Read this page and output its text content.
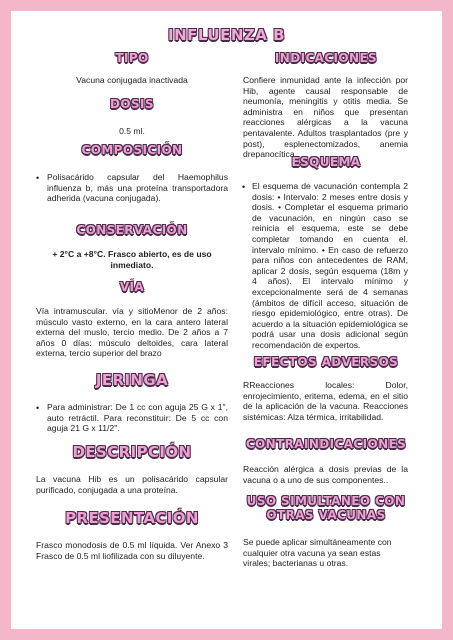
INFLUENZA B
TIPO
Vacuna conjugada inactivada
DOSIS
0.5 ml.
COMPOSICIÓN
• Polisacárido capsular del Haemophilus influenza b, más una proteína transportadora adherida (vacuna conjugada).
CONSERVACIÓN
+ 2°C a +8°C. Frasco abierto, es de uso inmediato.
VÍA
Vía intramuscular. vía y sitioMenor de 2 años: músculo vasto externo, en la cara antero lateral externa del muslo, tercio medio. De 2 años a 7 años 0 días: músculo deltoides, cara lateral externa, tercio superior del brazo
JERINGA
• Para administrar: De 1 cc con aguja 25 G x 1", auto retráctil. Para reconstituir: De 5 cc con aguja 21 G x 11/2".
DESCRIPCIÓN
La vacuna Hib es un polisacárido capsular purificado, conjugada a una proteína.
PRESENTACIÓN
Frasco monodosis de 0.5 ml líquida. Ver Anexo 3 Frasco de 0.5 ml liofilizada con su diluyente.
INDICACIONES
Confiere inmunidad ante la infección por Hib, agente causal responsable de neumonía, meningitis y otitis media. Se administra en niños que presentan reacciones alérgicas a la vacuna pentavalente. Adultos trasplantados (pre y post), esplenectomizados, anemia drepanocítica.
ESQUEMA
• El esquema de vacunación contempla 2 dosis: • Intervalo: 2 meses entre dosis y dosis. • Completar el esquema primario de vacunación, en ningún caso se reinicia el esquema, este se debe completar tomando en cuenta el. intervalo mínimo. • En caso de refuerzo para niños con antecedentes de RAM, aplicar 2 dosis, según esquema (18m y 4 años). El intervalo mínimo y excepcionalmente será de 4 semanas (ámbitos de difícil acceso, situación de riesgo epidemiológico, entre otras). De acuerdo a la situación epidemiológica se podrá usar una dosis adicional según recomendación de expertos.
EFECTOS ADVERSOS
RReacciones locales: Dolor, enrojecimiento, eritema, edema, en el sitio de la aplicación de la vacuna. Reacciones sistémicas: Alza térmica, irritabilidad.
CONTRAINDICACIONES
Reacción alérgica a dosis previas de la vacuna o a uno de sus componentes..
USO SIMULTANEO CON OTRAS VACUNAS
Se puede aplicar simultáneamente con cualquier otra vacuna ya sean estas virales; bacterianas u otras.
